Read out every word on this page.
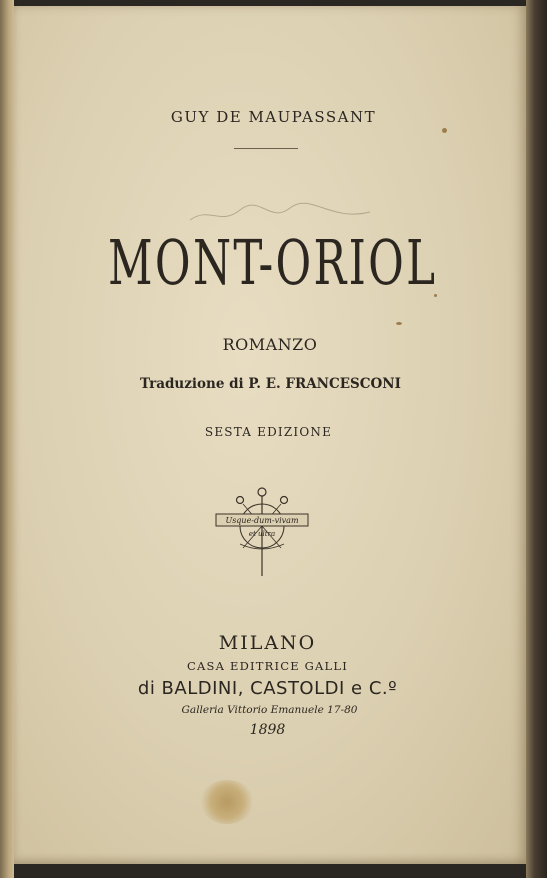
GUY DE MAUPASSANT
MONT-ORIOL
ROMANZO
Traduzione di P. E. FRANCESCONI
SESTA EDIZIONE
Usque-dum-vivam
et ultra
MILANO
CASA EDITRICE GALLI
di BALDINI, CASTOLDI e C.º
Galleria Vittorio Emanuele 17-80
1898
